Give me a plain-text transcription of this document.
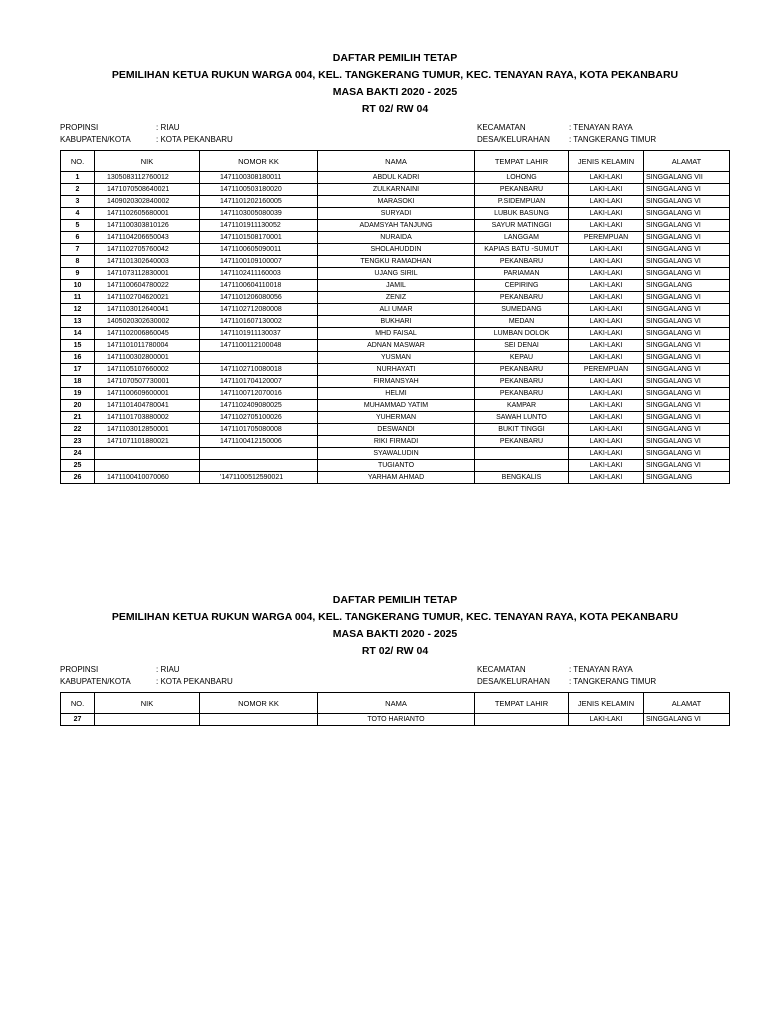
DAFTAR PEMILIH TETAP
PEMILIHAN KETUA RUKUN WARGA 004, KEL. TANGKERANG TUMUR, KEC. TENAYAN RAYA, KOTA PEKANBARU
MASA BAKTI 2020 - 2025
RT 02/ RW 04
PROPINSI	: RIAU	KECAMATAN	: TENAYAN RAYA
KABUPATEN/KOTA	: KOTA PEKANBARU	DESA/KELURAHAN : TANGKERANG TIMUR
NO.	NIK	NOMOR KK	NAMA	TEMPAT LAHIR	JENIS KELAMIN	ALAMAT
1	1305083112760012	1471100308180011	ABDUL KADRI	LOHONG	LAKI-LAKI	SINGGALANG VII
2	1471070508640021	1471100503180020	ZULKARNAINI	PEKANBARU	LAKI-LAKI	SINGGALANG VI
3	1409020302840002	1471101202160005	MARASOKI	P.SIDEMPUAN	LAKI-LAKI	SINGGALANG VI
4	1471102605680001	1471103005080039	SURYADI	LUBUK BASUNG	LAKI-LAKI	SINGGALANG VI
5	1471100303810126	1471101911130052	ADAMSYAH TANJUNG	SAYUR MATINGGI	LAKI-LAKI	SINGGALANG VI
6	1471104206650043	1471101508170001	NURAIDA	LANGGAM	PEREMPUAN	SINGGALANG VI
7	1471102705760042	1471100605090011	SHOLAHUDDIN	KAPIAS BATU -SUMUT	LAKI-LAKI	SINGGALANG VI
8	1471101302640003	1471100109100007	TENGKU RAMADHAN	PEKANBARU	LAKI-LAKI	SINGGALANG VI
9	1471073112830001	1471102411160003	UJANG SIRIL	PARIAMAN	LAKI-LAKI	SINGGALANG VI
10	1471100604780022	1471100604110018	JAMIL	CEPIRING	LAKI-LAKI	SINGGALANG
11	1471102704620021	1471101206080056	ZENIZ	PEKANBARU	LAKI-LAKI	SINGGALANG VI
12	1471103012640041	1471102712080008	ALI UMAR	SUMEDANG	LAKI-LAKI	SINGGALANG VI
13	1405020302630002	1471101607130002	BUKHARI	MEDAN	LAKI-LAKI	SINGGALANG VI
14	1471102006860045	1471101911130037	MHD FAISAL	LUMBAN DOLOK	LAKI-LAKI	SINGGALANG VI
15	1471101011780004	1471100112100048	ADNAN MASWAR	SEI DENAI	LAKI-LAKI	SINGGALANG VI
16	1471100302800001		YUSMAN	KEPAU	LAKI-LAKI	SINGGALANG VI
17	1471105107660002	1471102710080018	NURHAYATI	PEKANBARU	PEREMPUAN	SINGGALANG VI
18	1471070507730001	1471101704120007	FIRMANSYAH	PEKANBARU	LAKI-LAKI	SINGGALANG VI
19	1471100609600001	1471100712070016	HELMI	PEKANBARU	LAKI-LAKI	SINGGALANG VI
20	1471101404780041	1471102409080025	MUHAMMAD YATIM	KAMPAR	LAKI-LAKI	SINGGALANG VI
21	1471101703880002	1471102705100026	YUHERMAN	SAWAH LUNTO	LAKI-LAKI	SINGGALANG VI
22	1471103012850001	1471101705080008	DESWANDI	BUKIT TINGGI	LAKI-LAKI	SINGGALANG VI
23	1471071101880021	1471100412150006	RIKI FIRMADI	PEKANBARU	LAKI-LAKI	SINGGALANG VI
24			SYAWALUDIN		LAKI-LAKI	SINGGALANG VI
25			TUGIANTO		LAKI-LAKI	SINGGALANG VI
26	1471100410070060	'1471100512590021	YARHAM AHMAD	BENGKALIS	LAKI-LAKI	SINGGALANG
DAFTAR PEMILIH TETAP
PEMILIHAN KETUA RUKUN WARGA 004, KEL. TANGKERANG TUMUR, KEC. TENAYAN RAYA, KOTA PEKANBARU
MASA BAKTI 2020 - 2025
RT 02/ RW 04
PROPINSI	: RIAU	KECAMATAN	: TENAYAN RAYA
KABUPATEN/KOTA	: KOTA PEKANBARU	DESA/KELURAHAN : TANGKERANG TIMUR
NO.	NIK	NOMOR KK	NAMA	TEMPAT LAHIR	JENIS KELAMIN	ALAMAT
27			TOTO HARIANTO		LAKI-LAKI	SINGGALANG VI
